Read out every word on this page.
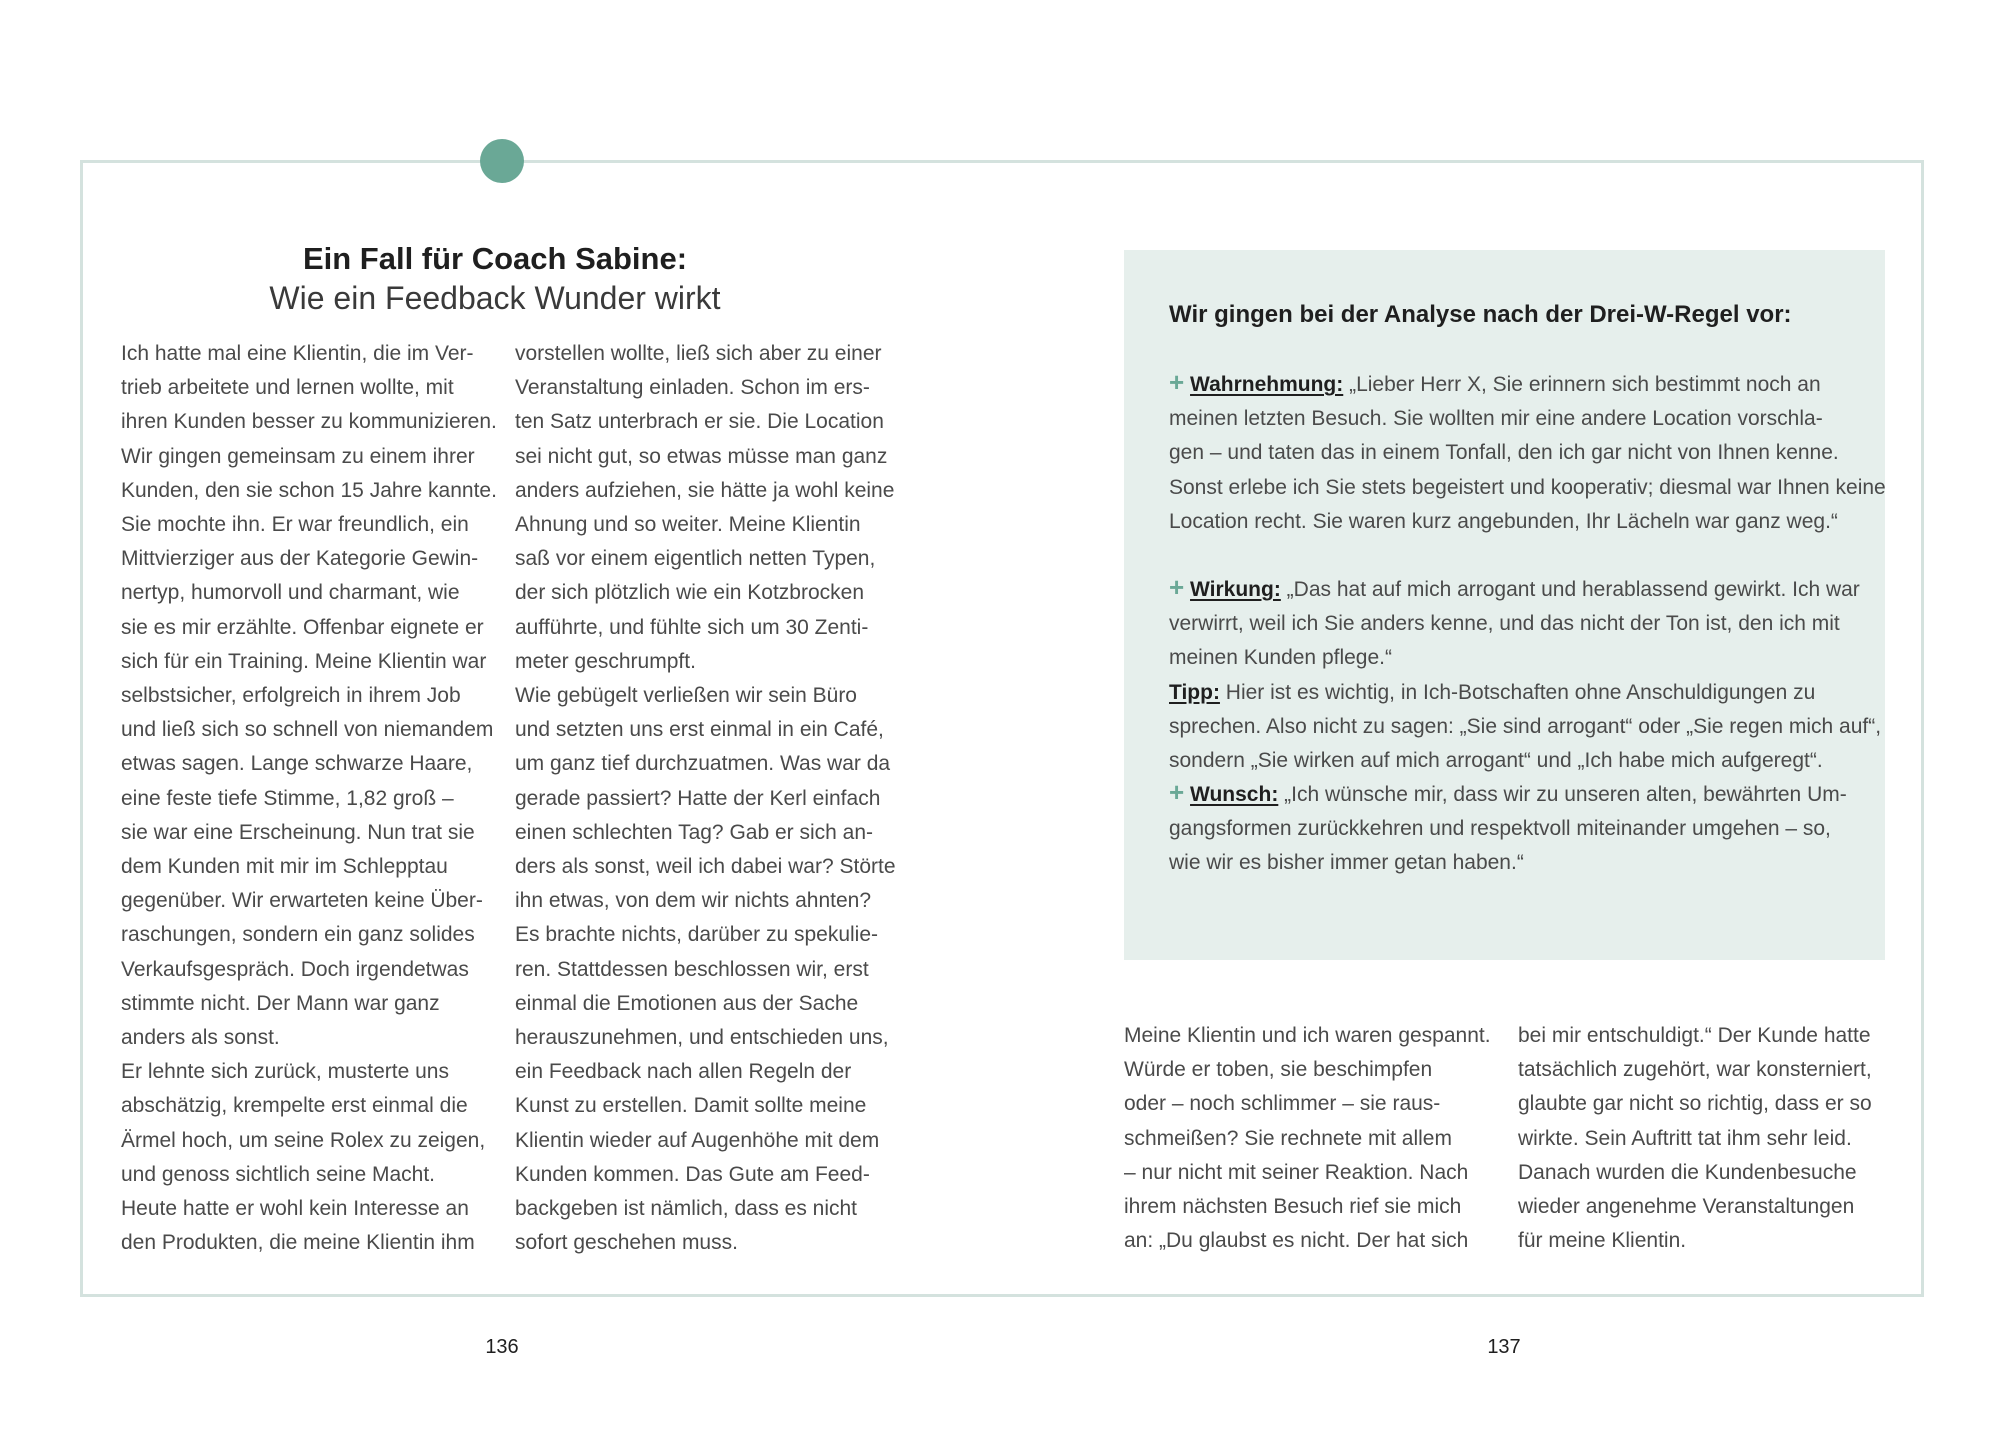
Ein Fall für Coach Sabine:
Wie ein Feedback Wunder wirkt
Ich hatte mal eine Klientin, die im Ver-
trieb arbeitete und lernen wollte, mit
ihren Kunden besser zu kommunizieren.
Wir gingen gemeinsam zu einem ihrer
Kunden, den sie schon 15 Jahre kannte.
Sie mochte ihn. Er war freundlich, ein
Mittvierziger aus der Kategorie Gewin-
nertyp, humorvoll und charmant, wie
sie es mir erzählte. Offenbar eignete er
sich für ein Training. Meine Klientin war
selbstsicher, erfolgreich in ihrem Job
und ließ sich so schnell von niemandem
etwas sagen. Lange schwarze Haare,
eine feste tiefe Stimme, 1,82 groß –
sie war eine Erscheinung. Nun trat sie
dem Kunden mit mir im Schlepptau
gegenüber. Wir erwarteten keine Über-
raschungen, sondern ein ganz solides
Verkaufsgespräch. Doch irgendetwas
stimmte nicht. Der Mann war ganz
anders als sonst.
Er lehnte sich zurück, musterte uns
abschätzig, krempelte erst einmal die
Ärmel hoch, um seine Rolex zu zeigen,
und genoss sichtlich seine Macht.
Heute hatte er wohl kein Interesse an
den Produkten, die meine Klientin ihm
vorstellen wollte, ließ sich aber zu einer
Veranstaltung einladen. Schon im ers-
ten Satz unterbrach er sie. Die Location
sei nicht gut, so etwas müsse man ganz
anders aufziehen, sie hätte ja wohl keine
Ahnung und so weiter. Meine Klientin
saß vor einem eigentlich netten Typen,
der sich plötzlich wie ein Kotzbrocken
aufführte, und fühlte sich um 30 Zenti-
meter geschrumpft.
Wie gebügelt verließen wir sein Büro
und setzten uns erst einmal in ein Café,
um ganz tief durchzuatmen. Was war da
gerade passiert? Hatte der Kerl einfach
einen schlechten Tag? Gab er sich an-
ders als sonst, weil ich dabei war? Störte
ihn etwas, von dem wir nichts ahnten?
Es brachte nichts, darüber zu spekulie-
ren. Stattdessen beschlossen wir, erst
einmal die Emotionen aus der Sache
herauszunehmen, und entschieden uns,
ein Feedback nach allen Regeln der
Kunst zu erstellen. Damit sollte meine
Klientin wieder auf Augenhöhe mit dem
Kunden kommen. Das Gute am Feed-
backgeben ist nämlich, dass es nicht
sofort geschehen muss.
Wir gingen bei der Analyse nach der Drei-W-Regel vor:
+ Wahrnehmung: „Lieber Herr X, Sie erinnern sich bestimmt noch an
meinen letzten Besuch. Sie wollten mir eine andere Location vorschla-
gen – und taten das in einem Tonfall, den ich gar nicht von Ihnen kenne.
Sonst erlebe ich Sie stets begeistert und kooperativ; diesmal war Ihnen keine
Location recht. Sie waren kurz angebunden, Ihr Lächeln war ganz weg.“
+ Wirkung: „Das hat auf mich arrogant und herablassend gewirkt. Ich war
verwirrt, weil ich Sie anders kenne, und das nicht der Ton ist, den ich mit
meinen Kunden pflege.“
Tipp: Hier ist es wichtig, in Ich-Botschaften ohne Anschuldigungen zu
sprechen. Also nicht zu sagen: „Sie sind arrogant“ oder „Sie regen mich auf“,
sondern „Sie wirken auf mich arrogant“ und „Ich habe mich aufgeregt“.
+ Wunsch: „Ich wünsche mir, dass wir zu unseren alten, bewährten Um-
gangsformen zurückkehren und respektvoll miteinander umgehen – so,
wie wir es bisher immer getan haben.“
Meine Klientin und ich waren gespannt.
Würde er toben, sie beschimpfen
oder – noch schlimmer – sie raus-
schmeißen? Sie rechnete mit allem
– nur nicht mit seiner Reaktion. Nach
ihrem nächsten Besuch rief sie mich
an: „Du glaubst es nicht. Der hat sich
bei mir entschuldigt.“ Der Kunde hatte
tatsächlich zugehört, war konsterniert,
glaubte gar nicht so richtig, dass er so
wirkte. Sein Auftritt tat ihm sehr leid.
Danach wurden die Kundenbesuche
wieder angenehme Veranstaltungen
für meine Klientin.
136	137
